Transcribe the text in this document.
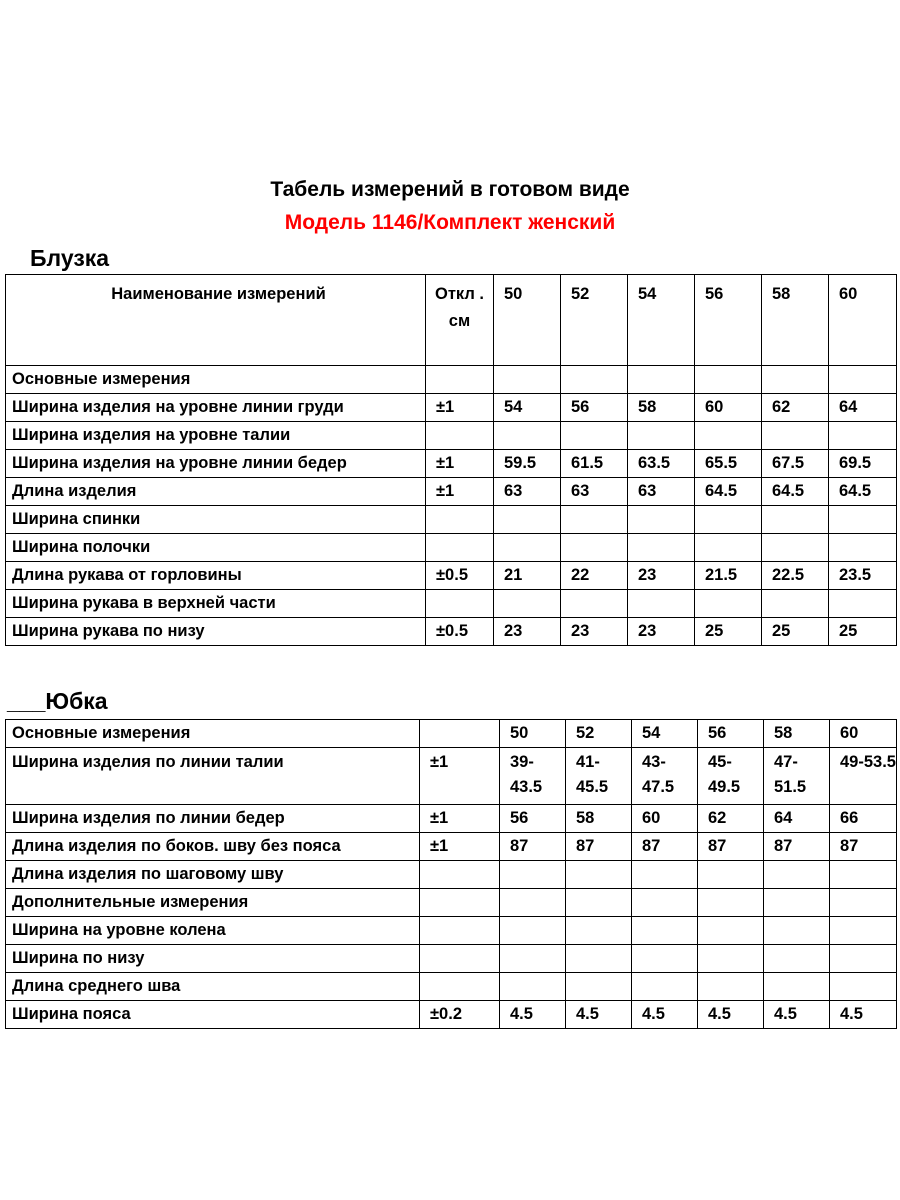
Табель измерений в готовом виде
Модель 1146/Комплект женский
Блузка
Наименование измерений	Откл . см	50	52	54	56	58	60
Основные измерения							
Ширина изделия на уровне линии груди	±1	54	56	58	60	62	64
Ширина изделия на уровне талии							
Ширина изделия на уровне линии бедер	±1	59.5	61.5	63.5	65.5	67.5	69.5
Длина изделия	±1	63	63	63	64.5	64.5	64.5
Ширина спинки							
Ширина полочки							
Длина рукава от горловины	±0.5	21	22	23	21.5	22.5	23.5
Ширина рукава в верхней части							
Ширина рукава по низу	±0.5	23	23	23	25	25	25
___Юбка
Основные измерения		50	52	54	56	58	60
Ширина изделия по линии талии	±1	39-43.5	41-45.5	43-47.5	45-49.5	47-51.5	49-53.5
Ширина изделия по линии бедер	±1	56	58	60	62	64	66
Длина изделия по боков. шву без пояса	±1	87	87	87	87	87	87
Длина изделия по шаговому шву							
Дополнительные измерения							
Ширина на уровне колена							
Ширина по низу							
Длина среднего шва							
Ширина пояса	±0.2	4.5	4.5	4.5	4.5	4.5	4.5
